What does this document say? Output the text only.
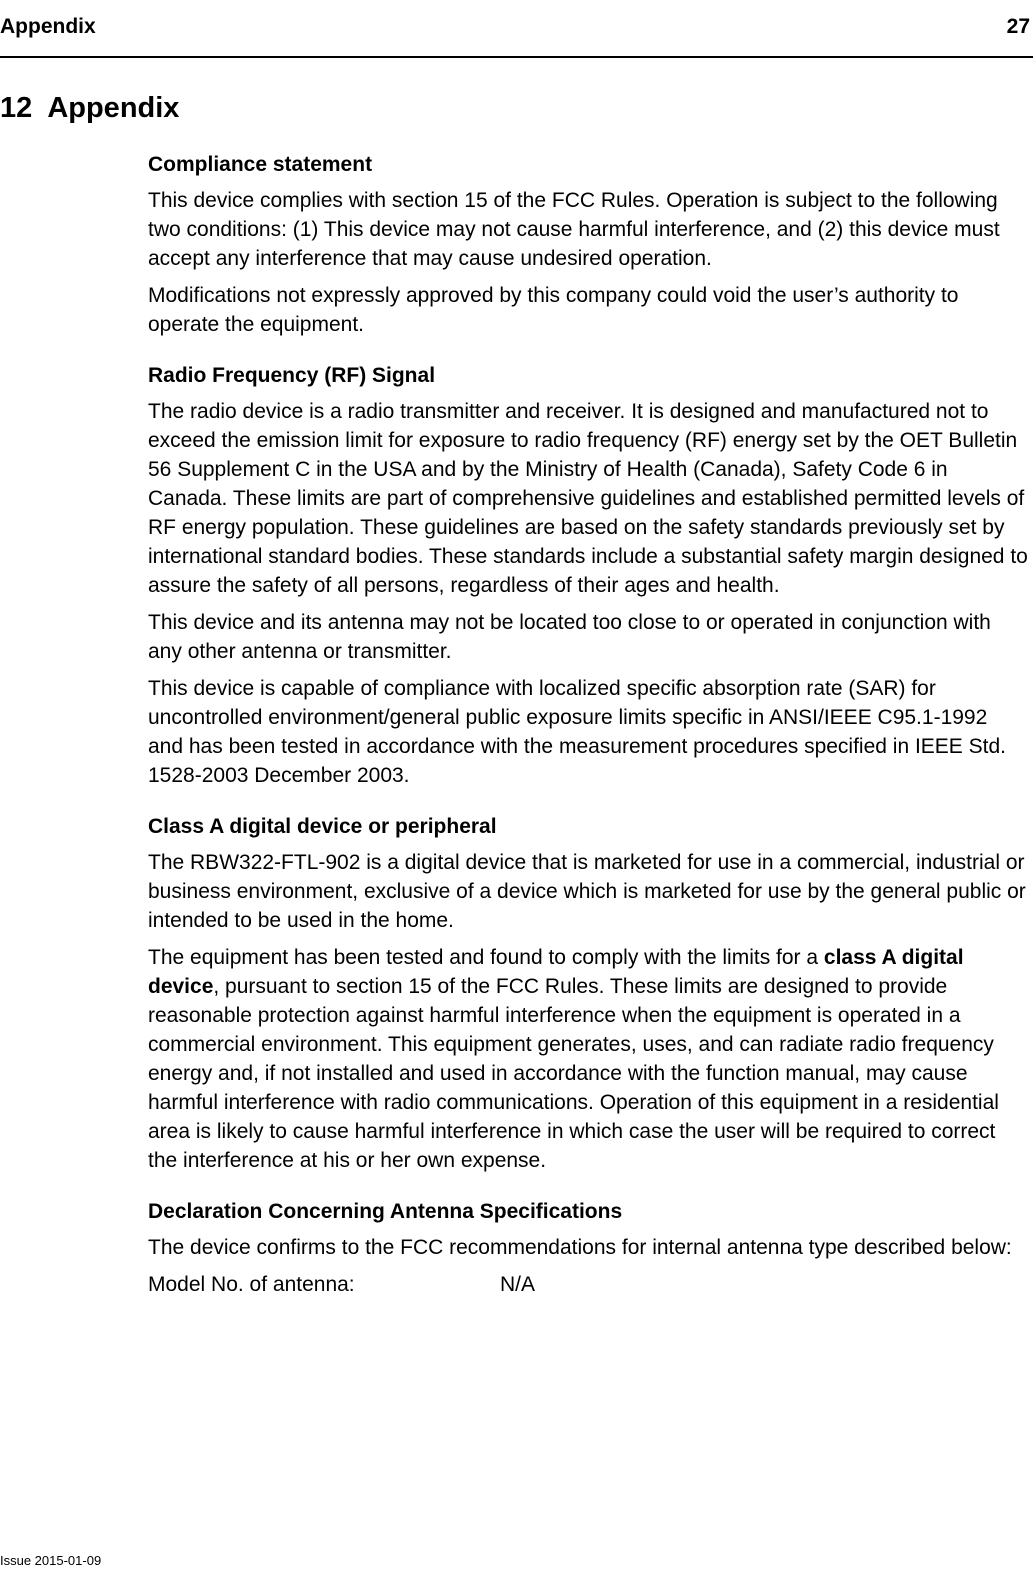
Appendix	27
12 Appendix
Compliance statement

This device complies with section 15 of the FCC Rules. Operation is subject to the following two conditions: (1) This device may not cause harmful interference, and (2) this device must accept any interference that may cause undesired operation.

Modifications not expressly approved by this company could void the user’s authority to operate the equipment.

Radio Frequency (RF) Signal

The radio device is a radio transmitter and receiver. It is designed and manufactured not to exceed the emission limit for exposure to radio frequency (RF) energy set by the OET Bulletin 56 Supplement C in the USA and by the Ministry of Health (Canada), Safety Code 6 in Canada. These limits are part of comprehensive guidelines and established permitted levels of RF energy population. These guidelines are based on the safety standards previously set by international standard bodies. These standards include a substantial safety margin designed to assure the safety of all persons, regardless of their ages and health.

This device and its antenna may not be located too close to or operated in conjunction with any other antenna or transmitter.

This device is capable of compliance with localized specific absorption rate (SAR) for uncontrolled environment/general public exposure limits specific in ANSI/IEEE C95.1-1992 and has been tested in accordance with the measurement procedures specified in IEEE Std. 1528-2003 December 2003.

Class A digital device or peripheral

The RBW322-FTL-902 is a digital device that is marketed for use in a commercial, industrial or business environment, exclusive of a device which is marketed for use by the general public or intended to be used in the home.

The equipment has been tested and found to comply with the limits for a class A digital device, pursuant to section 15 of the FCC Rules. These limits are designed to provide reasonable protection against harmful interference when the equipment is operated in a commercial environment. This equipment generates, uses, and can radiate radio frequency energy and, if not installed and used in accordance with the function manual, may cause harmful interference with radio communications. Operation of this equipment in a residential area is likely to cause harmful interference in which case the user will be required to correct the interference at his or her own expense.

Declaration Concerning Antenna Specifications

The device confirms to the FCC recommendations for internal antenna type described below:

Model No. of antenna:	N/A

Issue 2015-01-09
